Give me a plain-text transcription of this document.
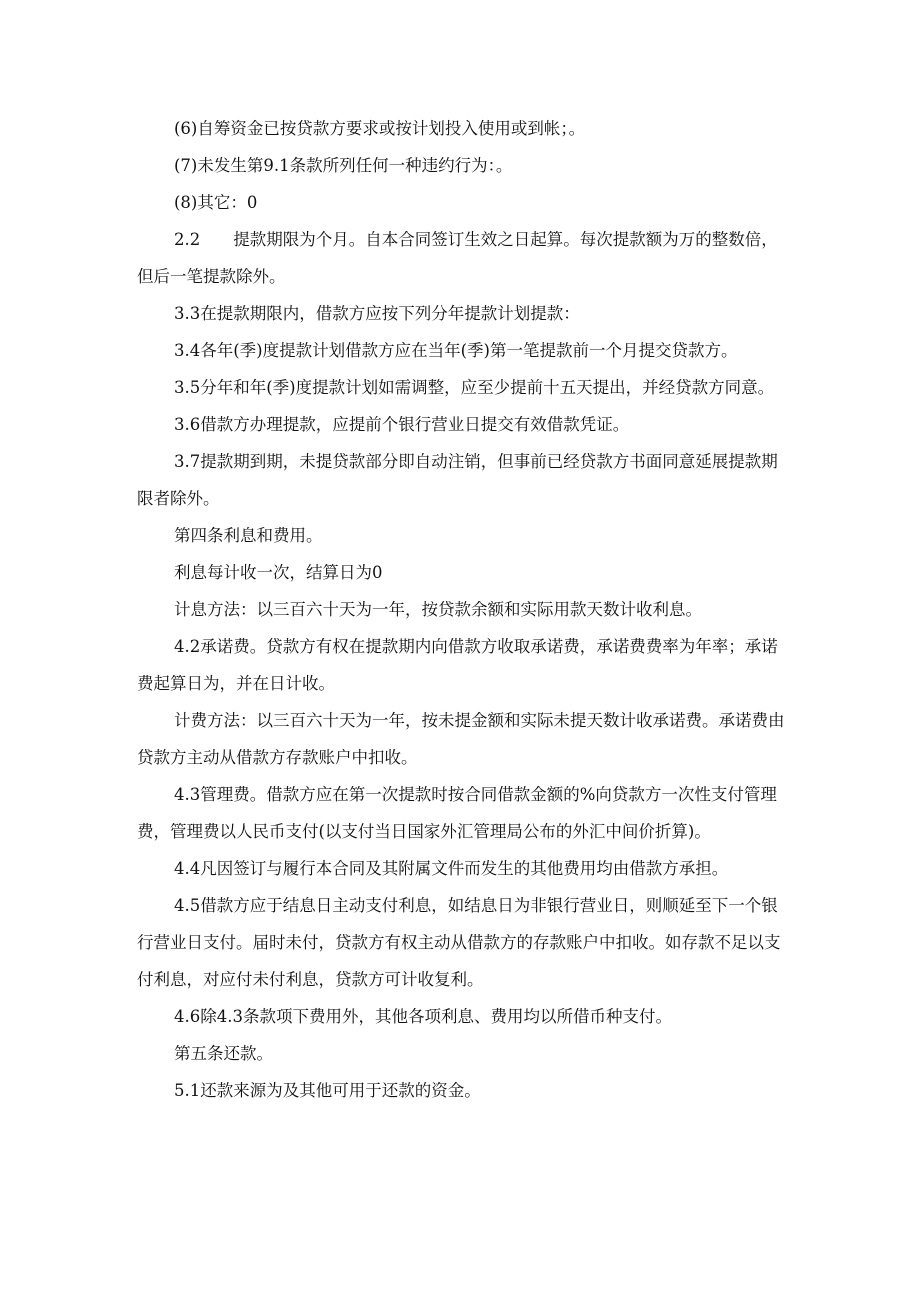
(6)自筹资金已按贷款方要求或按计划投入使用或到帐；。

(7)未发生第9.1条款所列任何一种违约行为：。

(8)其它：0

2.2　　提款期限为个月。自本合同签订生效之日起算。每次提款额为万的整数倍，但后一笔提款除外。

3.3在提款期限内，借款方应按下列分年提款计划提款：

3.4各年(季)度提款计划借款方应在当年(季)第一笔提款前一个月提交贷款方。

3.5分年和年(季)度提款计划如需调整，应至少提前十五天提出，并经贷款方同意。

3.6借款方办理提款，应提前个银行营业日提交有效借款凭证。

3.7提款期到期，未提贷款部分即自动注销，但事前已经贷款方书面同意延展提款期限者除外。

第四条利息和费用。

利息每计收一次，结算日为0

计息方法：以三百六十天为一年，按贷款余额和实际用款天数计收利息。

4.2承诺费。贷款方有权在提款期内向借款方收取承诺费，承诺费费率为年率；承诺费起算日为，并在日计收。

计费方法：以三百六十天为一年，按未提金额和实际未提天数计收承诺费。承诺费由贷款方主动从借款方存款账户中扣收。

4.3管理费。借款方应在第一次提款时按合同借款金额的%向贷款方一次性支付管理费，管理费以人民币支付(以支付当日国家外汇管理局公布的外汇中间价折算)。

4.4凡因签订与履行本合同及其附属文件而发生的其他费用均由借款方承担。

4.5借款方应于结息日主动支付利息，如结息日为非银行营业日，则顺延至下一个银行营业日支付。届时未付，贷款方有权主动从借款方的存款账户中扣收。如存款不足以支付利息，对应付未付利息，贷款方可计收复利。

4.6除4.3条款项下费用外，其他各项利息、费用均以所借币种支付。

第五条还款。

5.1还款来源为及其他可用于还款的资金。
